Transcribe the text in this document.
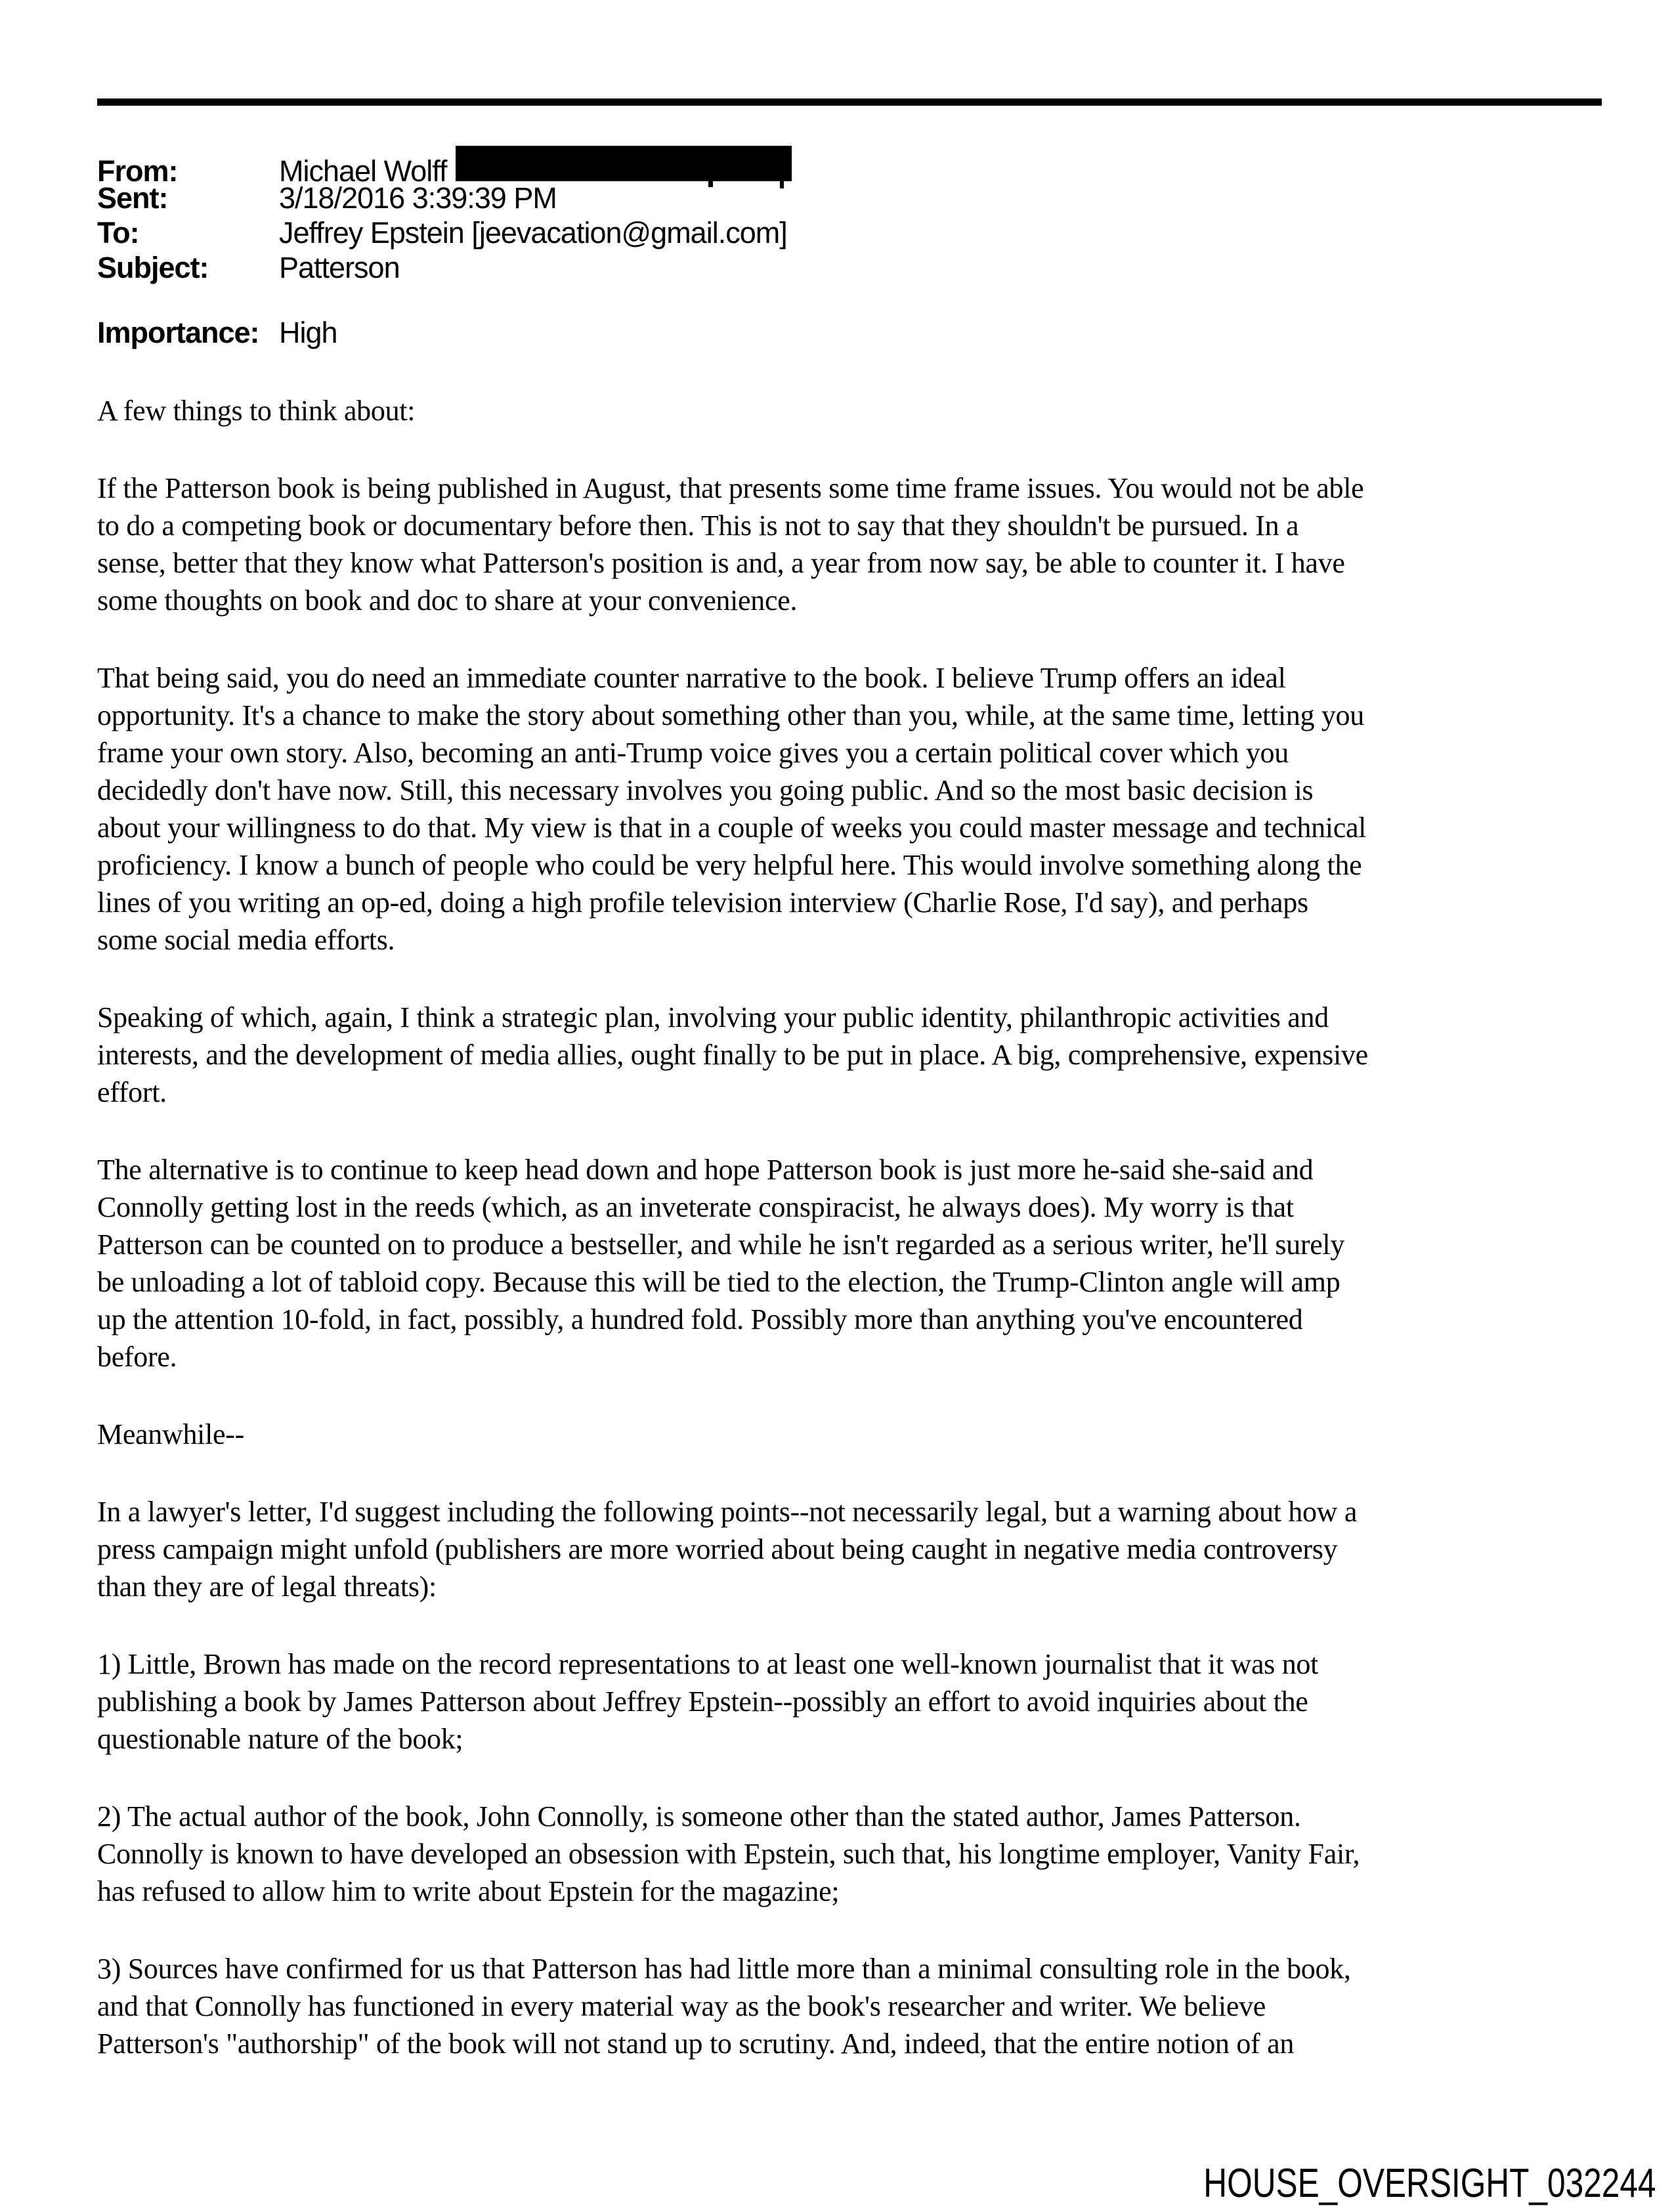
From:	Michael Wolff
Sent:	3/18/2016 3:39:39 PM
To:	Jeffrey Epstein [jeevacation@gmail.com]
Subject:	Patterson
Importance: High
A few things to think about:
If the Patterson book is being published in August, that presents some time frame issues. You would not be able
to do a competing book or documentary before then. This is not to say that they shouldn't be pursued. In a
sense, better that they know what Patterson's position is and, a year from now say, be able to counter it. I have
some thoughts on book and doc to share at your convenience.
That being said, you do need an immediate counter narrative to the book. I believe Trump offers an ideal
opportunity. It's a chance to make the story about something other than you, while, at the same time, letting you
frame your own story. Also, becoming an anti-Trump voice gives you a certain political cover which you
decidedly don't have now. Still, this necessary involves you going public. And so the most basic decision is
about your willingness to do that. My view is that in a couple of weeks you could master message and technical
proficiency. I know a bunch of people who could be very helpful here. This would involve something along the
lines of you writing an op-ed, doing a high profile television interview (Charlie Rose, I'd say), and perhaps
some social media efforts.
Speaking of which, again, I think a strategic plan, involving your public identity, philanthropic activities and
interests, and the development of media allies, ought finally to be put in place. A big, comprehensive, expensive
effort.
The alternative is to continue to keep head down and hope Patterson book is just more he-said she-said and
Connolly getting lost in the reeds (which, as an inveterate conspiracist, he always does). My worry is that
Patterson can be counted on to produce a bestseller, and while he isn't regarded as a serious writer, he'll surely
be unloading a lot of tabloid copy. Because this will be tied to the election, the Trump-Clinton angle will amp
up the attention 10-fold, in fact, possibly, a hundred fold. Possibly more than anything you've encountered
before.
Meanwhile--
In a lawyer's letter, I'd suggest including the following points--not necessarily legal, but a warning about how a
press campaign might unfold (publishers are more worried about being caught in negative media controversy
than they are of legal threats):
1) Little, Brown has made on the record representations to at least one well-known journalist that it was not
publishing a book by James Patterson about Jeffrey Epstein--possibly an effort to avoid inquiries about the
questionable nature of the book;
2) The actual author of the book, John Connolly, is someone other than the stated author, James Patterson.
Connolly is known to have developed an obsession with Epstein, such that, his longtime employer, Vanity Fair,
has refused to allow him to write about Epstein for the magazine;
3) Sources have confirmed for us that Patterson has had little more than a minimal consulting role in the book,
and that Connolly has functioned in every material way as the book's researcher and writer. We believe
Patterson's "authorship" of the book will not stand up to scrutiny. And, indeed, that the entire notion of an
HOUSE_OVERSIGHT_032244
